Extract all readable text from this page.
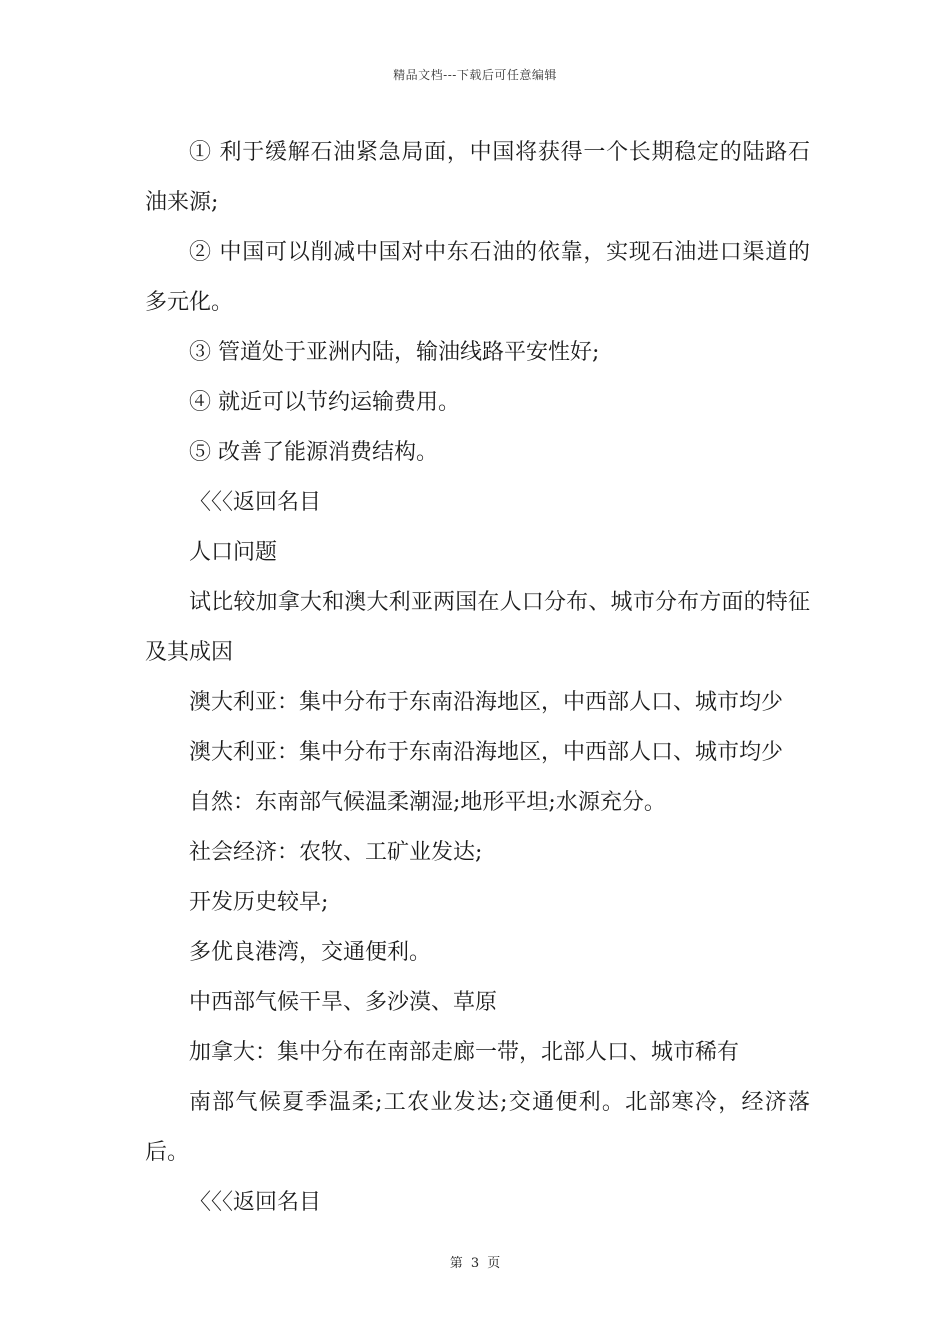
精品文档---下载后可任意编辑

① 利于缓解石油紧急局面，中国将获得一个长期稳定的陆路石油来源;

② 中国可以削减中国对中东石油的依靠，实现石油进口渠道的多元化。

③ 管道处于亚洲内陆，输油线路平安性好;

④ 就近可以节约运输费用。

⑤ 改善了能源消费结构。

〈〈〈返回名目

人口问题

试比较加拿大和澳大利亚两国在人口分布、城市分布方面的特征及其成因

澳大利亚：集中分布于东南沿海地区，中西部人口、城市均少

澳大利亚：集中分布于东南沿海地区，中西部人口、城市均少

自然：东南部气候温柔潮湿;地形平坦;水源充分。

社会经济：农牧、工矿业发达;

开发历史较早;

多优良港湾，交通便利。

中西部气候干旱、多沙漠、草原

加拿大：集中分布在南部走廊一带，北部人口、城市稀有

南部气候夏季温柔;工农业发达;交通便利。北部寒冷，经济落后。

〈〈〈返回名目

第 3 页
